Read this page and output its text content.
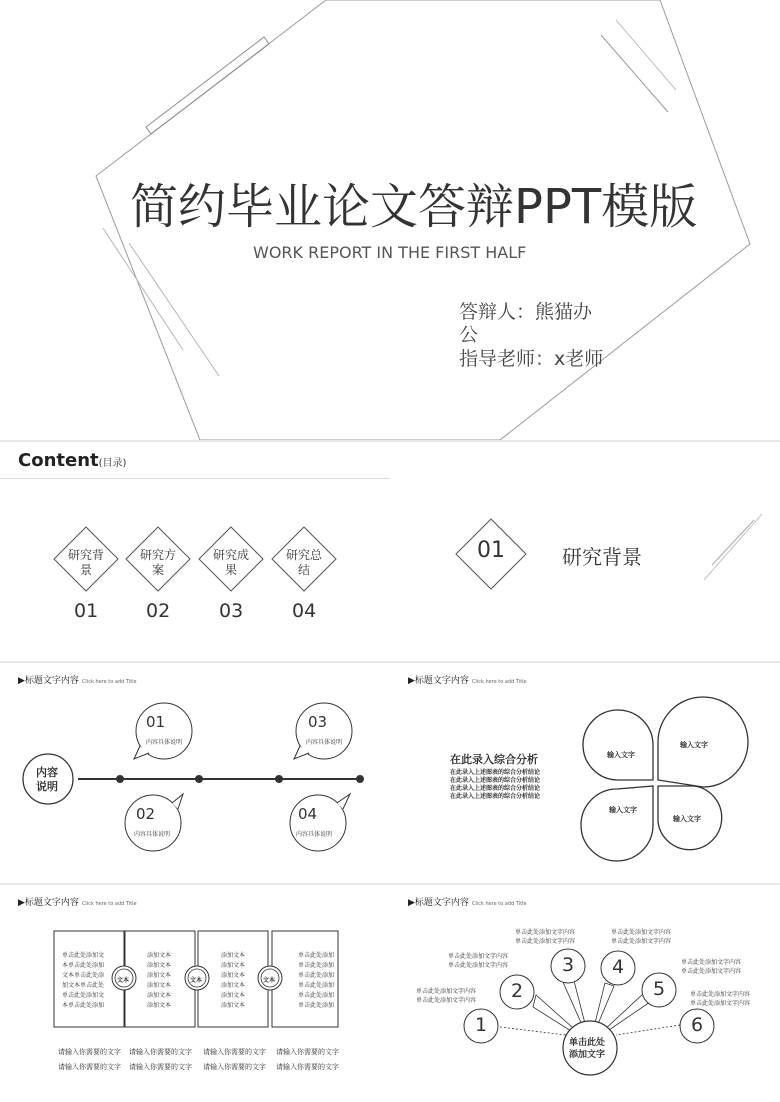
简约毕业论文答辩PPT模版
WORK REPORT IN THE FIRST HALF
答辩人：熊猫办
公
指导老师：x老师
Content(目录)
研究背
景
01
研究方
案
02
研究成
果
03
研究总
结
04
01	研究背景
▶标题文字内容 Click here to add Title
内容
说明
01
内容具体说明
03
内容具体说明
02
内容具体说明
04
内容具体说明
▶标题文字内容 Click here to add Title
在此录入综合分析
在此录入上述图表的综合分析结论
在此录入上述图表的综合分析结论
在此录入上述图表的综合分析结论
在此录入上述图表的综合分析结论
输入文字
输入文字
输入文字
输入文字
▶标题文字内容 Click here to add Title
单击此处添加文
本单击此处添加
文本单击此处添
加文本单击此处
单击此处添加文
本单击此处添加
添加文本
添加文本
添加文本
添加文本
添加文本
添加文本
添加文本
添加文本
添加文本
添加文本
添加文本
添加文本
单击此处添加
单击此处添加
单击此处添加
单击此处添加
单击此处添加
单击此处添加
文本	文本	文本
请输入你需要的文字
请输入你需要的文字
请输入你需要的文字
请输入你需要的文字
请输入你需要的文字
请输入你需要的文字
请输入你需要的文字
请输入你需要的文字
▶标题文字内容 Click here to add Title
单击此处
添加文字
1
2
3 4
5
6
单击此处添加文字内容
单击此处添加文字内容
单击此处添加文字内容
单击此处添加文字内容
单击此处添加文字内容
单击此处添加文字内容
单击此处添加文字内容
单击此处添加文字内容
单击此处添加文字内容
单击此处添加文字内容
单击此处添加文字内容
单击此处添加文字内容
